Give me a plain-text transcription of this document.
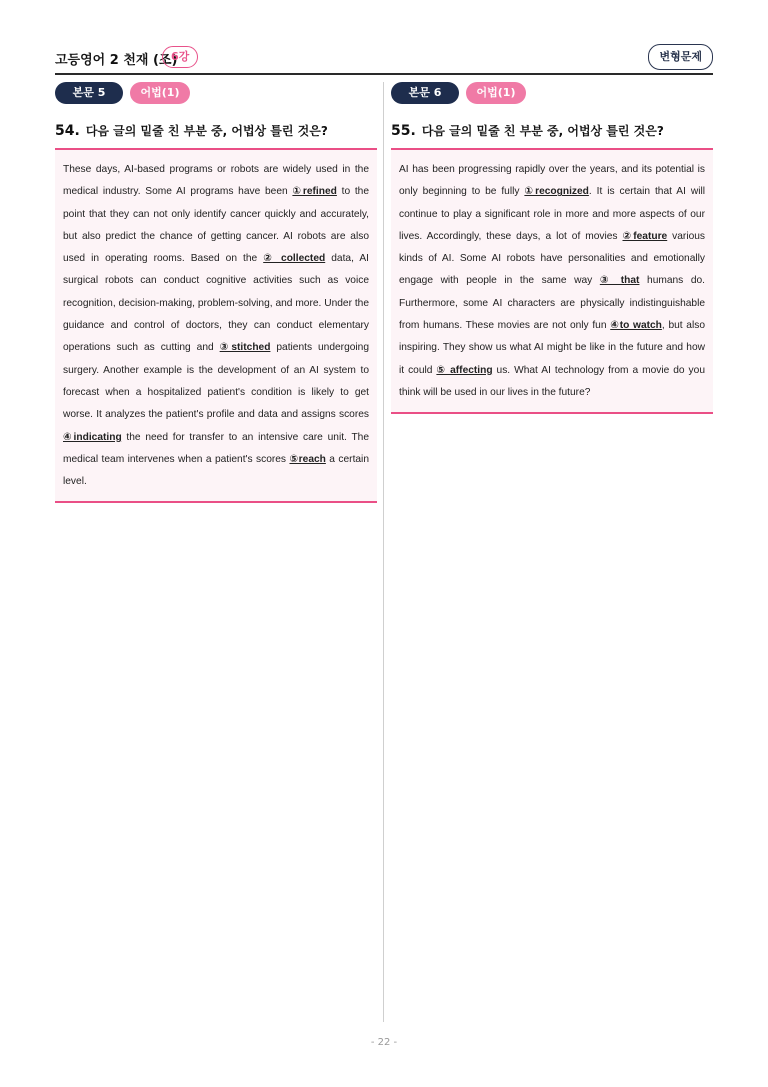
고등영어 2 천재 (조)
6강	변형문제
본문 5	어법(1)
54. 다음 글의 밑줄 친 부분 중, 어법상 틀린 것은?
These days, AI-based programs or robots are widely used in the medical industry. Some AI programs have been ①refined to the point that they can not only identify cancer quickly and accurately, but also predict the chance of getting cancer. AI robots are also used in operating rooms. Based on the ② collected data, AI surgical robots can conduct cognitive activities such as voice recognition, decision-making, problem-solving, and more. Under the guidance and control of doctors, they can conduct elementary operations such as cutting and ③stitched patients undergoing surgery. Another example is the development of an AI system to forecast when a hospitalized patient's condition is likely to get worse. It analyzes the patient's profile and data and assigns scores ④indicating the need for transfer to an intensive care unit. The medical team intervenes when a patient's scores ⑤reach a certain level.
본문 6	어법(1)
55. 다음 글의 밑줄 친 부분 중, 어법상 틀린 것은?
AI has been progressing rapidly over the years, and its potential is only beginning to be fully ①recognized. It is certain that AI will continue to play a significant role in more and more aspects of our lives. Accordingly, these days, a lot of movies ②feature various kinds of AI. Some AI robots have personalities and emotionally engage with people in the same way ③ that humans do. Furthermore, some AI characters are physically indistinguishable from humans. These movies are not only fun ④to watch, but also inspiring. They show us what AI might be like in the future and how it could ⑤ affecting us. What AI technology from a movie do you think will be used in our lives in the future?
- 22 -
